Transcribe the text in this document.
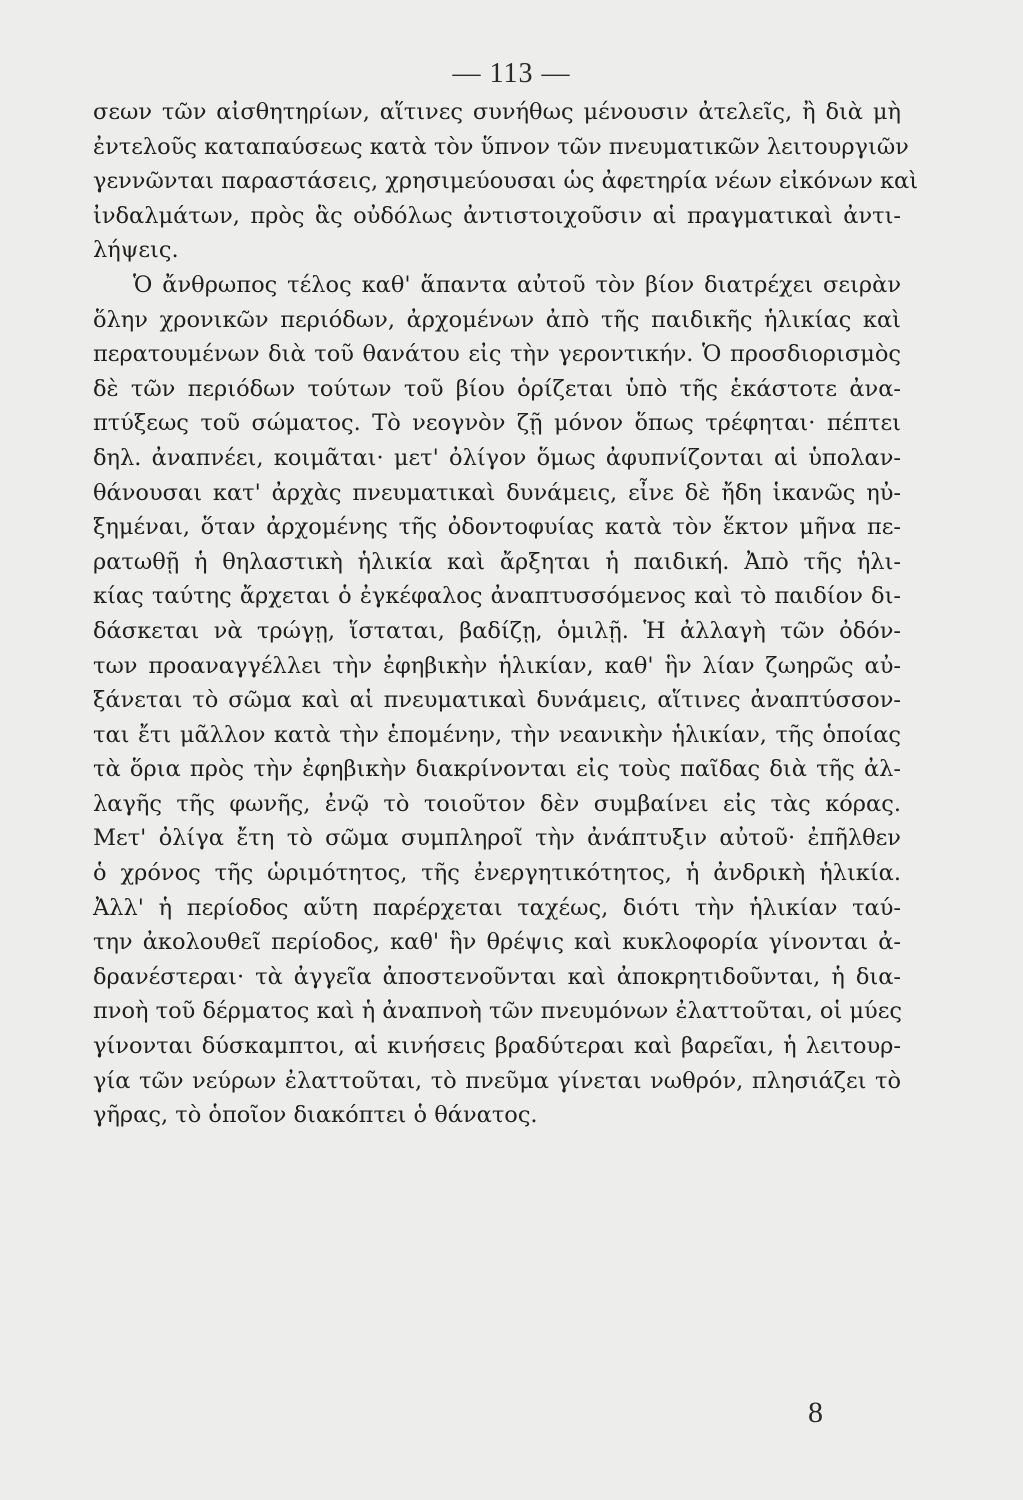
— 113 —
σεων τῶν αἰσθητηρίων, αἵτινες συνήθως μένουσιν ἀτελεῖς, ἢ διὰ μὴ
ἐντελοῦς καταπαύσεως κατὰ τὸν ὕπνον τῶν πνευματικῶν λειτουργιῶν
γεννῶνται παραστάσεις, χρησιμεύουσαι ὡς ἀφετηρία νέων εἰκόνων καὶ
ἰνδαλμάτων, πρὸς ἃς οὐδόλως ἀντιστοιχοῦσιν αἱ πραγματικαὶ ἀντι-
λήψεις.
Ὁ ἄνθρωπος τέλος καθ' ἅπαντα αὐτοῦ τὸν βίον διατρέχει σειρὰν
ὅλην χρονικῶν περιόδων, ἀρχομένων ἀπὸ τῆς παιδικῆς ἡλικίας καὶ
περατουμένων διὰ τοῦ θανάτου εἰς τὴν γεροντικήν. Ὁ προσδιορισμὸς
δὲ τῶν περιόδων τούτων τοῦ βίου ὁρίζεται ὑπὸ τῆς ἑκάστοτε ἀνα-
πτύξεως τοῦ σώματος. Τὸ νεογνὸν ζῇ μόνον ὅπως τρέφηται· πέπτει
δηλ. ἀναπνέει, κοιμᾶται· μετ' ὀλίγον ὅμως ἀφυπνίζονται αἱ ὑπολαν-
θάνουσαι κατ' ἀρχὰς πνευματικαὶ δυνάμεις, εἶνε δὲ ἤδη ἱκανῶς ηὐ-
ξημέναι, ὅταν ἀρχομένης τῆς ὀδοντοφυίας κατὰ τὸν ἕκτον μῆνα πε-
ρατωθῇ ἡ θηλαστικὴ ἡλικία καὶ ἄρξηται ἡ παιδική. Ἀπὸ τῆς ἡλι-
κίας ταύτης ἄρχεται ὁ ἐγκέφαλος ἀναπτυσσόμενος καὶ τὸ παιδίον δι-
δάσκεται νὰ τρώγῃ, ἵσταται, βαδίζῃ, ὁμιλῇ. Ἡ ἀλλαγὴ τῶν ὀδόν-
των προαναγγέλλει τὴν ἐφηβικὴν ἡλικίαν, καθ' ἣν λίαν ζωηρῶς αὐ-
ξάνεται τὸ σῶμα καὶ αἱ πνευματικαὶ δυνάμεις, αἵτινες ἀναπτύσσον-
ται ἔτι μᾶλλον κατὰ τὴν ἑπομένην, τὴν νεανικὴν ἡλικίαν, τῆς ὁποίας
τὰ ὅρια πρὸς τὴν ἐφηβικὴν διακρίνονται εἰς τοὺς παῖδας διὰ τῆς ἀλ-
λαγῆς τῆς φωνῆς, ἐνῷ τὸ τοιοῦτον δὲν συμβαίνει εἰς τὰς κόρας.
Μετ' ὀλίγα ἔτη τὸ σῶμα συμπληροῖ τὴν ἀνάπτυξιν αὐτοῦ· ἐπῆλθεν
ὁ χρόνος τῆς ὡριμότητος, τῆς ἐνεργητικότητος, ἡ ἀνδρικὴ ἡλικία.
Ἀλλ' ἡ περίοδος αὕτη παρέρχεται ταχέως, διότι τὴν ἡλικίαν ταύ-
την ἀκολουθεῖ περίοδος, καθ' ἣν θρέψις καὶ κυκλοφορία γίνονται ἀ-
δρανέστεραι· τὰ ἀγγεῖα ἀποστενοῦνται καὶ ἀποκρητιδοῦνται, ἡ δια-
πνοὴ τοῦ δέρματος καὶ ἡ ἀναπνοὴ τῶν πνευμόνων ἐλαττοῦται, οἱ μύες
γίνονται δύσκαμπτοι, αἱ κινήσεις βραδύτεραι καὶ βαρεῖαι, ἡ λειτουρ-
γία τῶν νεύρων ἐλαττοῦται, τὸ πνεῦμα γίνεται νωθρόν, πλησιάζει τὸ
γῆρας, τὸ ὁποῖον διακόπτει ὁ θάνατος.
8
